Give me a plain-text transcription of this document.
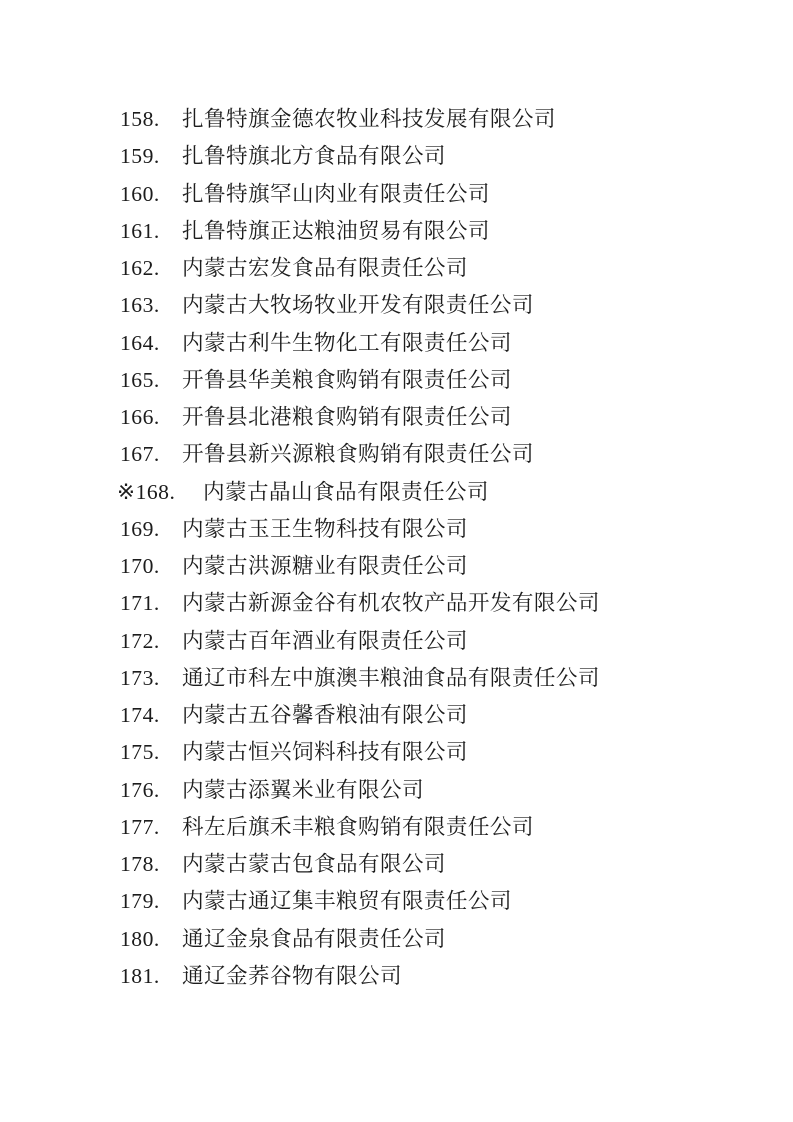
158.	扎鲁特旗金德农牧业科技发展有限公司
159.	扎鲁特旗北方食品有限公司
160.	扎鲁特旗罕山肉业有限责任公司
161.	扎鲁特旗正达粮油贸易有限公司
162.	内蒙古宏发食品有限责任公司
163.	内蒙古大牧场牧业开发有限责任公司
164.	内蒙古利牛生物化工有限责任公司
165.	开鲁县华美粮食购销有限责任公司
166.	开鲁县北港粮食购销有限责任公司
167.	开鲁县新兴源粮食购销有限责任公司
※168.	内蒙古晶山食品有限责任公司
169.	内蒙古玉王生物科技有限公司
170.	内蒙古洪源糖业有限责任公司
171.	内蒙古新源金谷有机农牧产品开发有限公司
172.	内蒙古百年酒业有限责任公司
173.	通辽市科左中旗澳丰粮油食品有限责任公司
174.	内蒙古五谷馨香粮油有限公司
175.	内蒙古恒兴饲料科技有限公司
176.	内蒙古添翼米业有限公司
177.	科左后旗禾丰粮食购销有限责任公司
178.	内蒙古蒙古包食品有限公司
179.	内蒙古通辽集丰粮贸有限责任公司
180.	通辽金泉食品有限责任公司
181.	通辽金荞谷物有限公司
